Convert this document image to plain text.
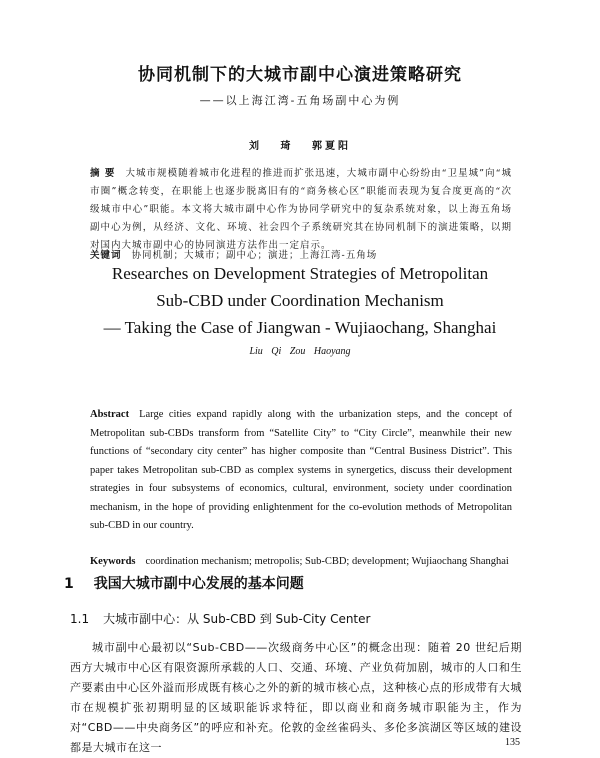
协同机制下的大城市副中心演进策略研究
——以上海江湾-五角场副中心为例
刘 琦 郭夏阳
摘 要 大城市规模随着城市化进程的推进而扩张迅速，大城市副中心纷纷由“卫星城”向“城市圈”概念转变，在职能上也逐步脱离旧有的“商务核心区”职能而表现为复合度更高的“次级城市中心”职能。本文将大城市副中心作为协同学研究中的复杂系统对象，以上海五角场副中心为例，从经济、文化、环境、社会四个子系统研究其在协同机制下的演进策略，以期对国内大城市副中心的协同演进方法作出一定启示。
关键词 协同机制；大城市；副中心；演进；上海江湾-五角场
Researches on Development Strategies of Metropolitan
Sub-CBD under Coordination Mechanism
— Taking the Case of Jiangwan - Wujiaochang, Shanghai
Liu Qi Zou Haoyang
Abstract Large cities expand rapidly along with the urbanization steps, and the concept of Metropolitan sub-CBDs transform from “Satellite City” to “City Circle”, meanwhile their new functions of “secondary city center” has higher composite than “Central Business District”. This paper takes Metropolitan sub-CBD as complex systems in synergetics, discuss their development strategies in four subsystems of economics, cultural, environment, society under coordination mechanism, in the hope of providing enlightenment for the co-evolution methods of Metropolitan sub-CBD in our country.
Keywords coordination mechanism; metropolis; Sub-CBD; development; Wujiaochang Shanghai
1 我国大城市副中心发展的基本问题
1.1 大城市副中心：从 Sub-CBD 到 Sub-City Center
城市副中心最初以“Sub-CBD——次级商务中心区”的概念出现：随着 20 世纪后期西方大城市中心区有限资源所承载的人口、交通、环境、产业负荷加剧，城市的人口和生产要素由中心区外溢而形成既有核心之外的新的城市核心点，这种核心点的形成带有大城市在规模扩张初期明显的区域职能诉求特征，即以商业和商务城市职能为主，作为对“CBD——中央商务区”的呼应和补充。伦敦的金丝雀码头、多伦多滨湖区等区域的建设都是大城市在这一	135
